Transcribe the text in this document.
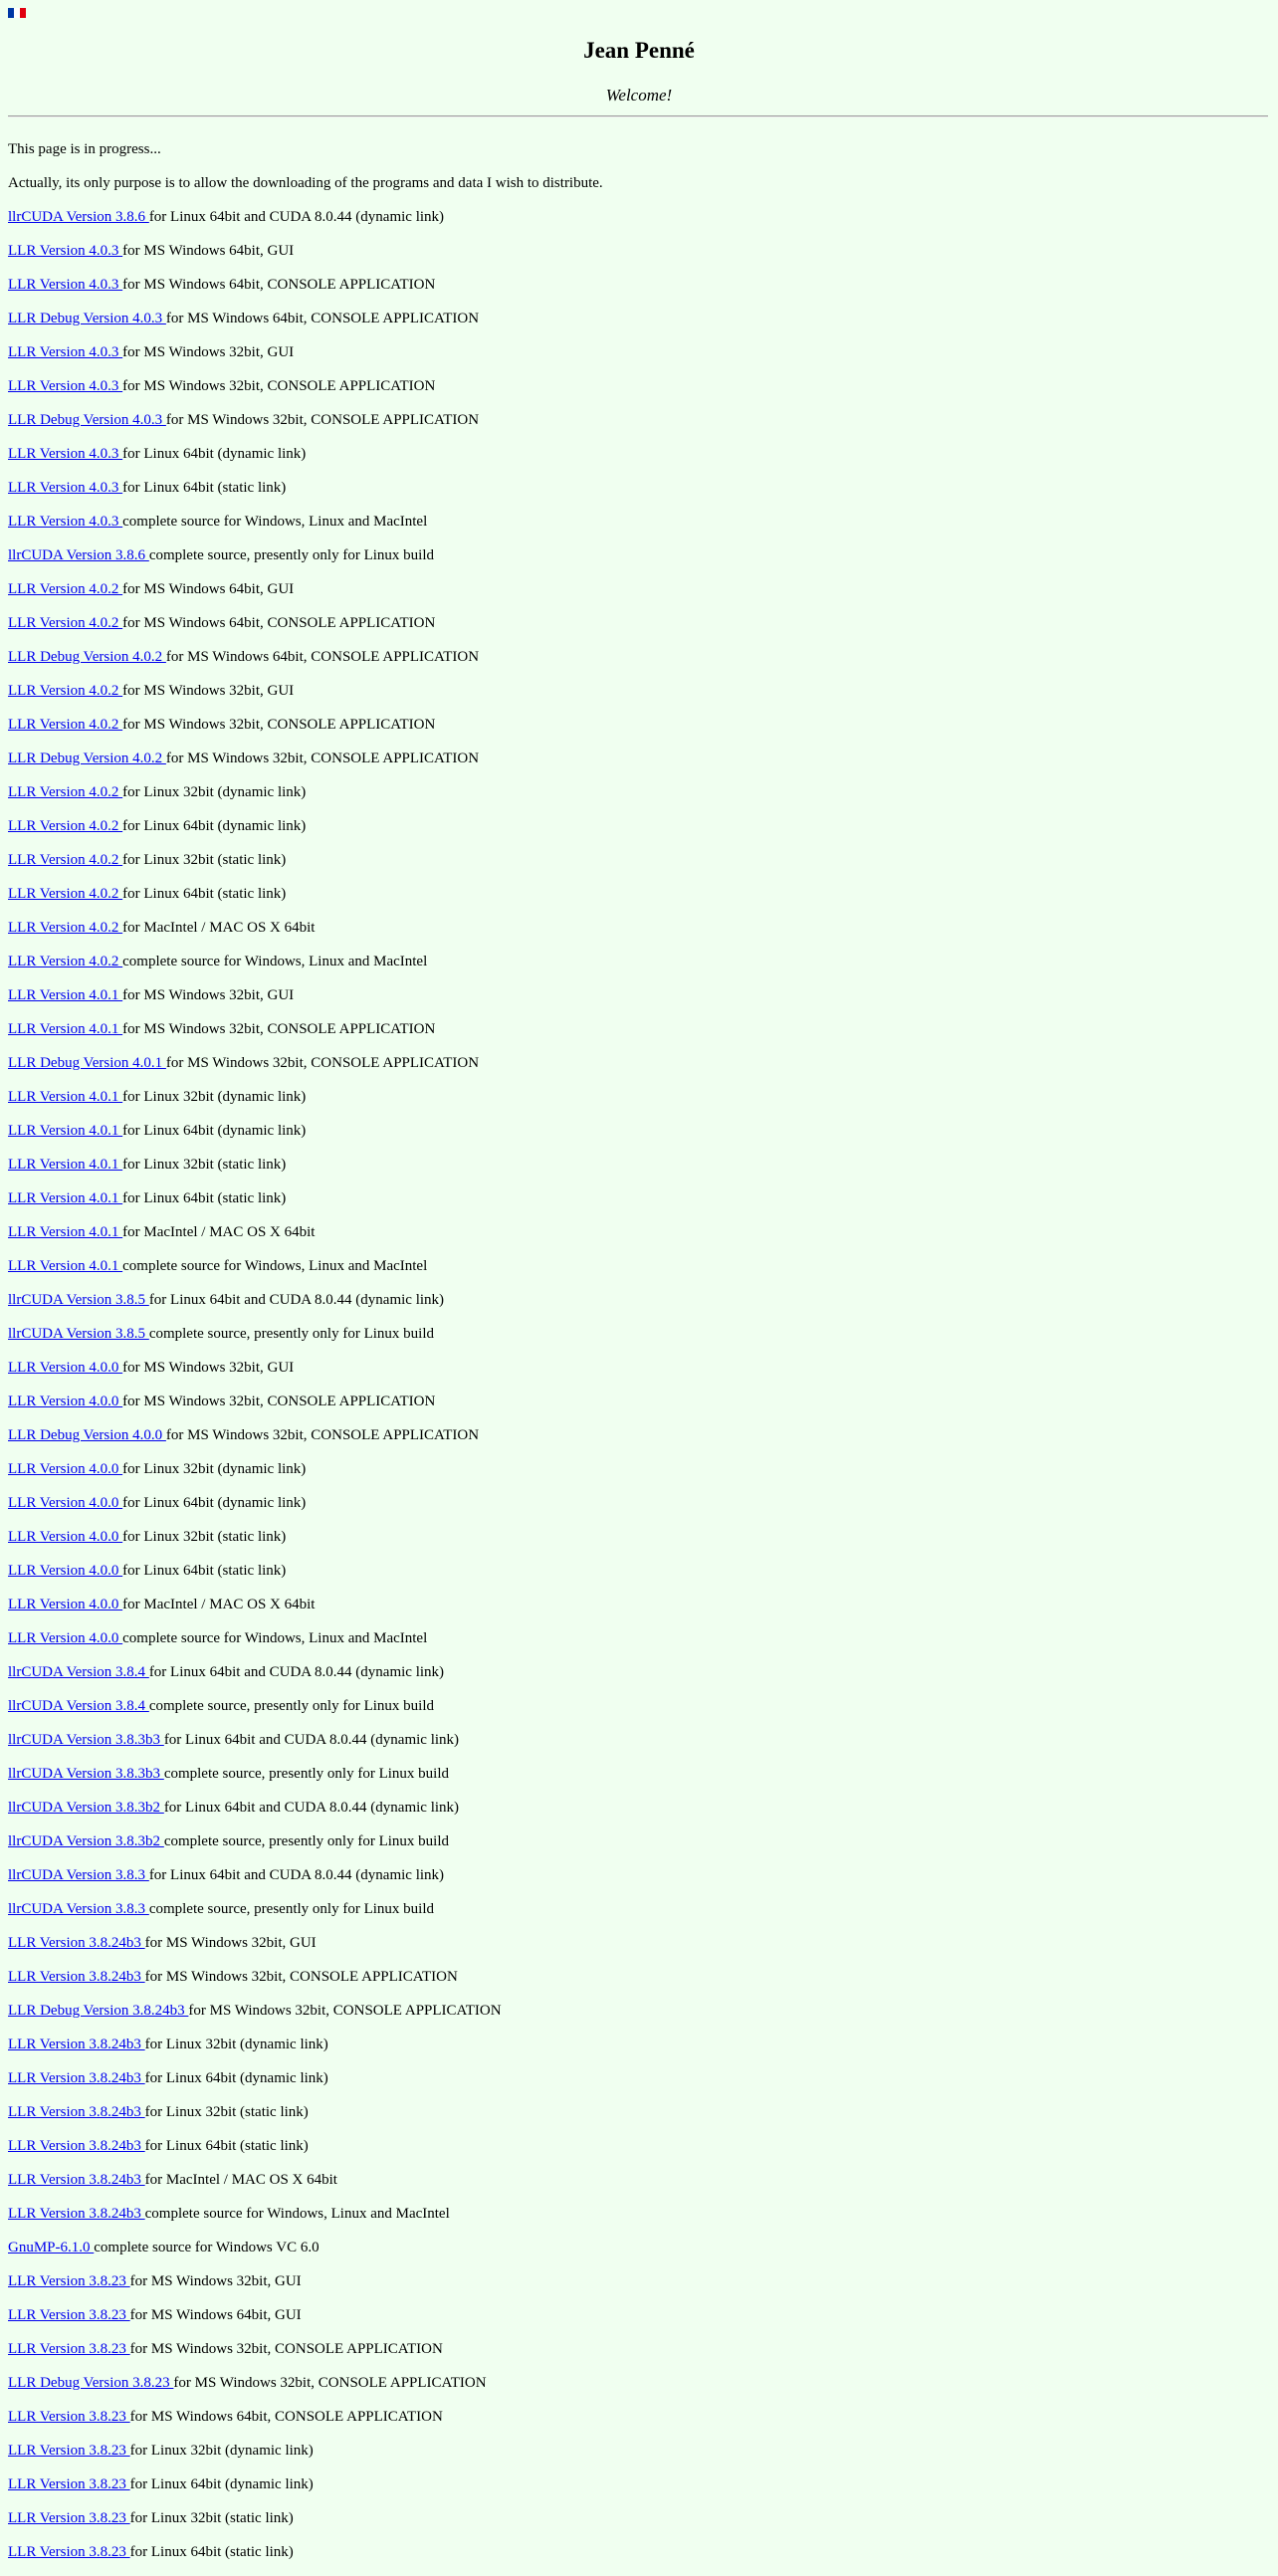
Jean Penné

Welcome!

This page is in progress...

Actually, its only purpose is to allow the downloading of the programs and data I wish to distribute.

llrCUDA Version 3.8.6 for Linux 64bit and CUDA 8.0.44 (dynamic link)
LLR Version 4.0.3 for MS Windows 64bit, GUI
LLR Version 4.0.3 for MS Windows 64bit, CONSOLE APPLICATION
LLR Debug Version 4.0.3 for MS Windows 64bit, CONSOLE APPLICATION
LLR Version 4.0.3 for MS Windows 32bit, GUI
LLR Version 4.0.3 for MS Windows 32bit, CONSOLE APPLICATION
LLR Debug Version 4.0.3 for MS Windows 32bit, CONSOLE APPLICATION
LLR Version 4.0.3 for Linux 64bit (dynamic link)
LLR Version 4.0.3 for Linux 64bit (static link)
LLR Version 4.0.3 complete source for Windows, Linux and MacIntel
llrCUDA Version 3.8.6 complete source, presently only for Linux build
LLR Version 4.0.2 for MS Windows 64bit, GUI
LLR Version 4.0.2 for MS Windows 64bit, CONSOLE APPLICATION
LLR Debug Version 4.0.2 for MS Windows 64bit, CONSOLE APPLICATION
LLR Version 4.0.2 for MS Windows 32bit, GUI
LLR Version 4.0.2 for MS Windows 32bit, CONSOLE APPLICATION
LLR Debug Version 4.0.2 for MS Windows 32bit, CONSOLE APPLICATION
LLR Version 4.0.2 for Linux 32bit (dynamic link)
LLR Version 4.0.2 for Linux 64bit (dynamic link)
LLR Version 4.0.2 for Linux 32bit (static link)
LLR Version 4.0.2 for Linux 64bit (static link)
LLR Version 4.0.2 for MacIntel / MAC OS X 64bit
LLR Version 4.0.2 complete source for Windows, Linux and MacIntel
LLR Version 4.0.1 for MS Windows 32bit, GUI
LLR Version 4.0.1 for MS Windows 32bit, CONSOLE APPLICATION
LLR Debug Version 4.0.1 for MS Windows 32bit, CONSOLE APPLICATION
LLR Version 4.0.1 for Linux 32bit (dynamic link)
LLR Version 4.0.1 for Linux 64bit (dynamic link)
LLR Version 4.0.1 for Linux 32bit (static link)
LLR Version 4.0.1 for Linux 64bit (static link)
LLR Version 4.0.1 for MacIntel / MAC OS X 64bit
LLR Version 4.0.1 complete source for Windows, Linux and MacIntel
llrCUDA Version 3.8.5 for Linux 64bit and CUDA 8.0.44 (dynamic link)
llrCUDA Version 3.8.5 complete source, presently only for Linux build
LLR Version 4.0.0 for MS Windows 32bit, GUI
LLR Version 4.0.0 for MS Windows 32bit, CONSOLE APPLICATION
LLR Debug Version 4.0.0 for MS Windows 32bit, CONSOLE APPLICATION
LLR Version 4.0.0 for Linux 32bit (dynamic link)
LLR Version 4.0.0 for Linux 64bit (dynamic link)
LLR Version 4.0.0 for Linux 32bit (static link)
LLR Version 4.0.0 for Linux 64bit (static link)
LLR Version 4.0.0 for MacIntel / MAC OS X 64bit
LLR Version 4.0.0 complete source for Windows, Linux and MacIntel
llrCUDA Version 3.8.4 for Linux 64bit and CUDA 8.0.44 (dynamic link)
llrCUDA Version 3.8.4 complete source, presently only for Linux build
llrCUDA Version 3.8.3b3 for Linux 64bit and CUDA 8.0.44 (dynamic link)
llrCUDA Version 3.8.3b3 complete source, presently only for Linux build
llrCUDA Version 3.8.3b2 for Linux 64bit and CUDA 8.0.44 (dynamic link)
llrCUDA Version 3.8.3b2 complete source, presently only for Linux build
llrCUDA Version 3.8.3 for Linux 64bit and CUDA 8.0.44 (dynamic link)
llrCUDA Version 3.8.3 complete source, presently only for Linux build
LLR Version 3.8.24b3 for MS Windows 32bit, GUI
LLR Version 3.8.24b3 for MS Windows 32bit, CONSOLE APPLICATION
LLR Debug Version 3.8.24b3 for MS Windows 32bit, CONSOLE APPLICATION
LLR Version 3.8.24b3 for Linux 32bit (dynamic link)
LLR Version 3.8.24b3 for Linux 64bit (dynamic link)
LLR Version 3.8.24b3 for Linux 32bit (static link)
LLR Version 3.8.24b3 for Linux 64bit (static link)
LLR Version 3.8.24b3 for MacIntel / MAC OS X 64bit
LLR Version 3.8.24b3 complete source for Windows, Linux and MacIntel
GnuMP-6.1.0 complete source for Windows VC 6.0
LLR Version 3.8.23 for MS Windows 32bit, GUI
LLR Version 3.8.23 for MS Windows 64bit, GUI
LLR Version 3.8.23 for MS Windows 32bit, CONSOLE APPLICATION
LLR Debug Version 3.8.23 for MS Windows 32bit, CONSOLE APPLICATION
LLR Version 3.8.23 for MS Windows 64bit, CONSOLE APPLICATION
LLR Version 3.8.23 for Linux 32bit (dynamic link)
LLR Version 3.8.23 for Linux 64bit (dynamic link)
LLR Version 3.8.23 for Linux 32bit (static link)
LLR Version 3.8.23 for Linux 64bit (static link)
